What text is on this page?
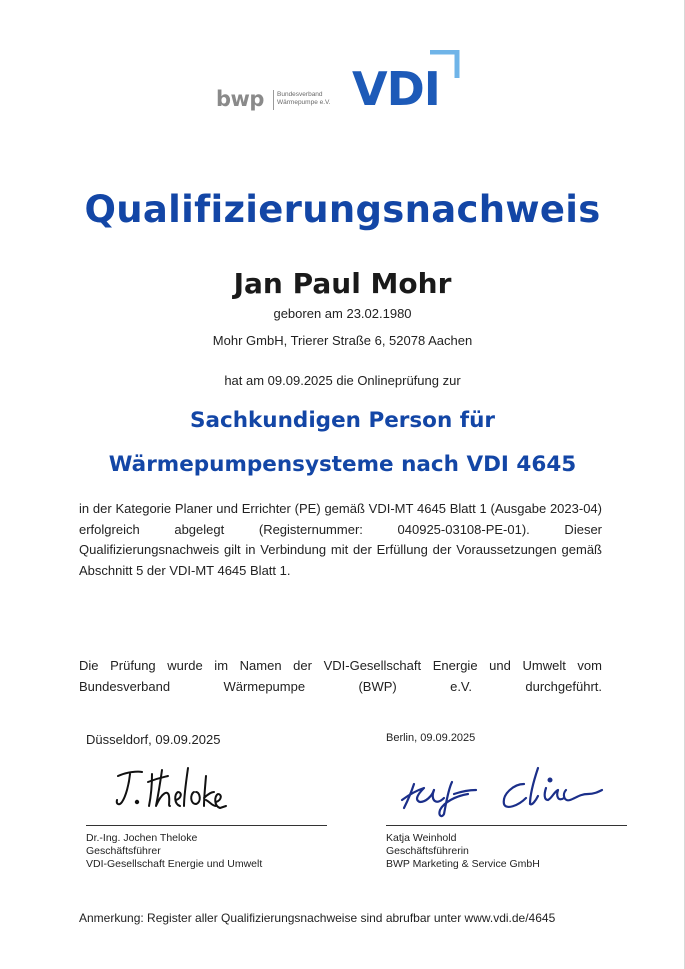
bwp Bundesverband
Wärmepumpe e.V. VDI
Qualifizierungsnachweis
Jan Paul Mohr
geboren am 23.02.1980
Mohr GmbH, Trierer Straße 6, 52078 Aachen
hat am 09.09.2025 die Onlineprüfung zur
Sachkundigen Person für
Wärmepumpensysteme nach VDI 4645
in der Kategorie Planer und Errichter (PE) gemäß VDI-MT 4645 Blatt 1 (Ausgabe 2023-04) erfolgreich abgelegt (Registernummer: 040925-03108-PE-01). Dieser Qualifizierungsnachweis gilt in Verbindung mit der Erfüllung der Voraussetzungen gemäß Abschnitt 5 der VDI-MT 4645 Blatt 1.
Die Prüfung wurde im Namen der VDI-Gesellschaft Energie und Umwelt vom Bundesverband Wärmepumpe (BWP) e.V. durchgeführt.
Düsseldorf, 09.09.2025
Dr.-Ing. Jochen Theloke
Geschäftsführer
VDI-Gesellschaft Energie und Umwelt
Berlin, 09.09.2025
Katja Weinhold
Geschäftsführerin
BWP Marketing & Service GmbH
Anmerkung: Register aller Qualifizierungsnachweise sind abrufbar unter www.vdi.de/4645
